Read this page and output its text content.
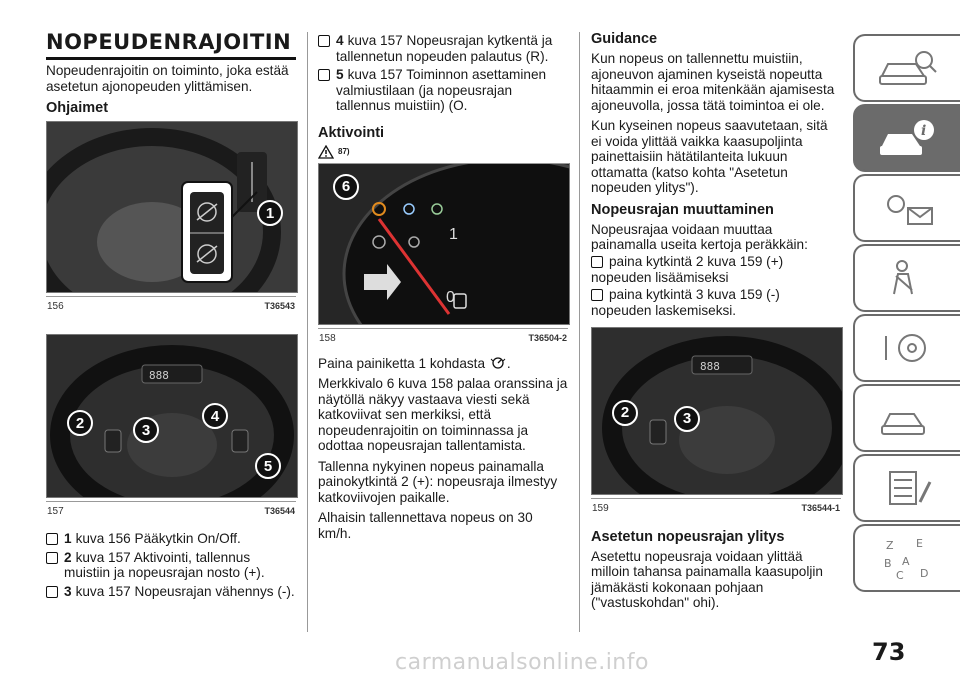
NOPEUDENRAJOITIN

Nopeudenrajoitin on toiminto, joka estää asetetun ajonopeuden ylittämisen.

Ohjaimet
1
156	T36543
888
2	3
4
5
157	T36544
1 kuva 156 Pääkytkin On/Off.
2 kuva 157 Aktivointi, tallennus muistiin ja nopeusrajan nosto (+).
3 kuva 157 Nopeusrajan vähennys (-).
4 kuva 157 Nopeusrajan kytkentä ja tallennetun nopeuden palautus (R).
5 kuva 157 Toiminnon asettaminen valmiustilaan (ja nopeusrajan tallennus muistiin) (O.
Aktivointi
87)
1
0
6
158	T36504-2

Paina painiketta 1 kohdasta .

Merkkivalo 6 kuva 158 palaa oranssina ja näytöllä näkyy vastaava viesti sekä katkoviivat sen merkiksi, että nopeudenrajoitin on toiminnassa ja odottaa nopeusrajan tallentamista.

Tallenna nykyinen nopeus painamalla painokytkintä 2 (+): nopeusraja ilmestyy katkoviivojen paikalle.

Alhaisin tallennettava nopeus on 30 km/h.

Guidance

Kun nopeus on tallennettu muistiin, ajoneuvon ajaminen kyseistä nopeutta hitaammin ei eroa mitenkään ajamisesta ajoneuvolla, jossa tätä toimintoa ei ole.

Kun kyseinen nopeus saavutetaan, sitä ei voida ylittää vaikka kaasupoljinta painettaisiin hätätilanteita lukuun ottamatta (katso kohta "Asetetun nopeuden ylitys").

Nopeusrajan muuttaminen

Nopeusrajaa voidaan muuttaa painamalla useita kertoja peräkkäin:

paina kytkintä 2 kuva 159 (+)

nopeuden lisäämiseksi

paina kytkintä 3 kuva 159 (-)

nopeuden laskemiseksi.

888
2	3
159	T36544-1
Asetetun nopeusrajan ylitys

Asetettu nopeusraja voidaan ylittää milloin tahansa painamalla kaasupoljin jämäkästi kokonaan pohjaan ("vastuskohdan" ohi).

i
Z E
B A
C D
73
carmanualsonline.info
